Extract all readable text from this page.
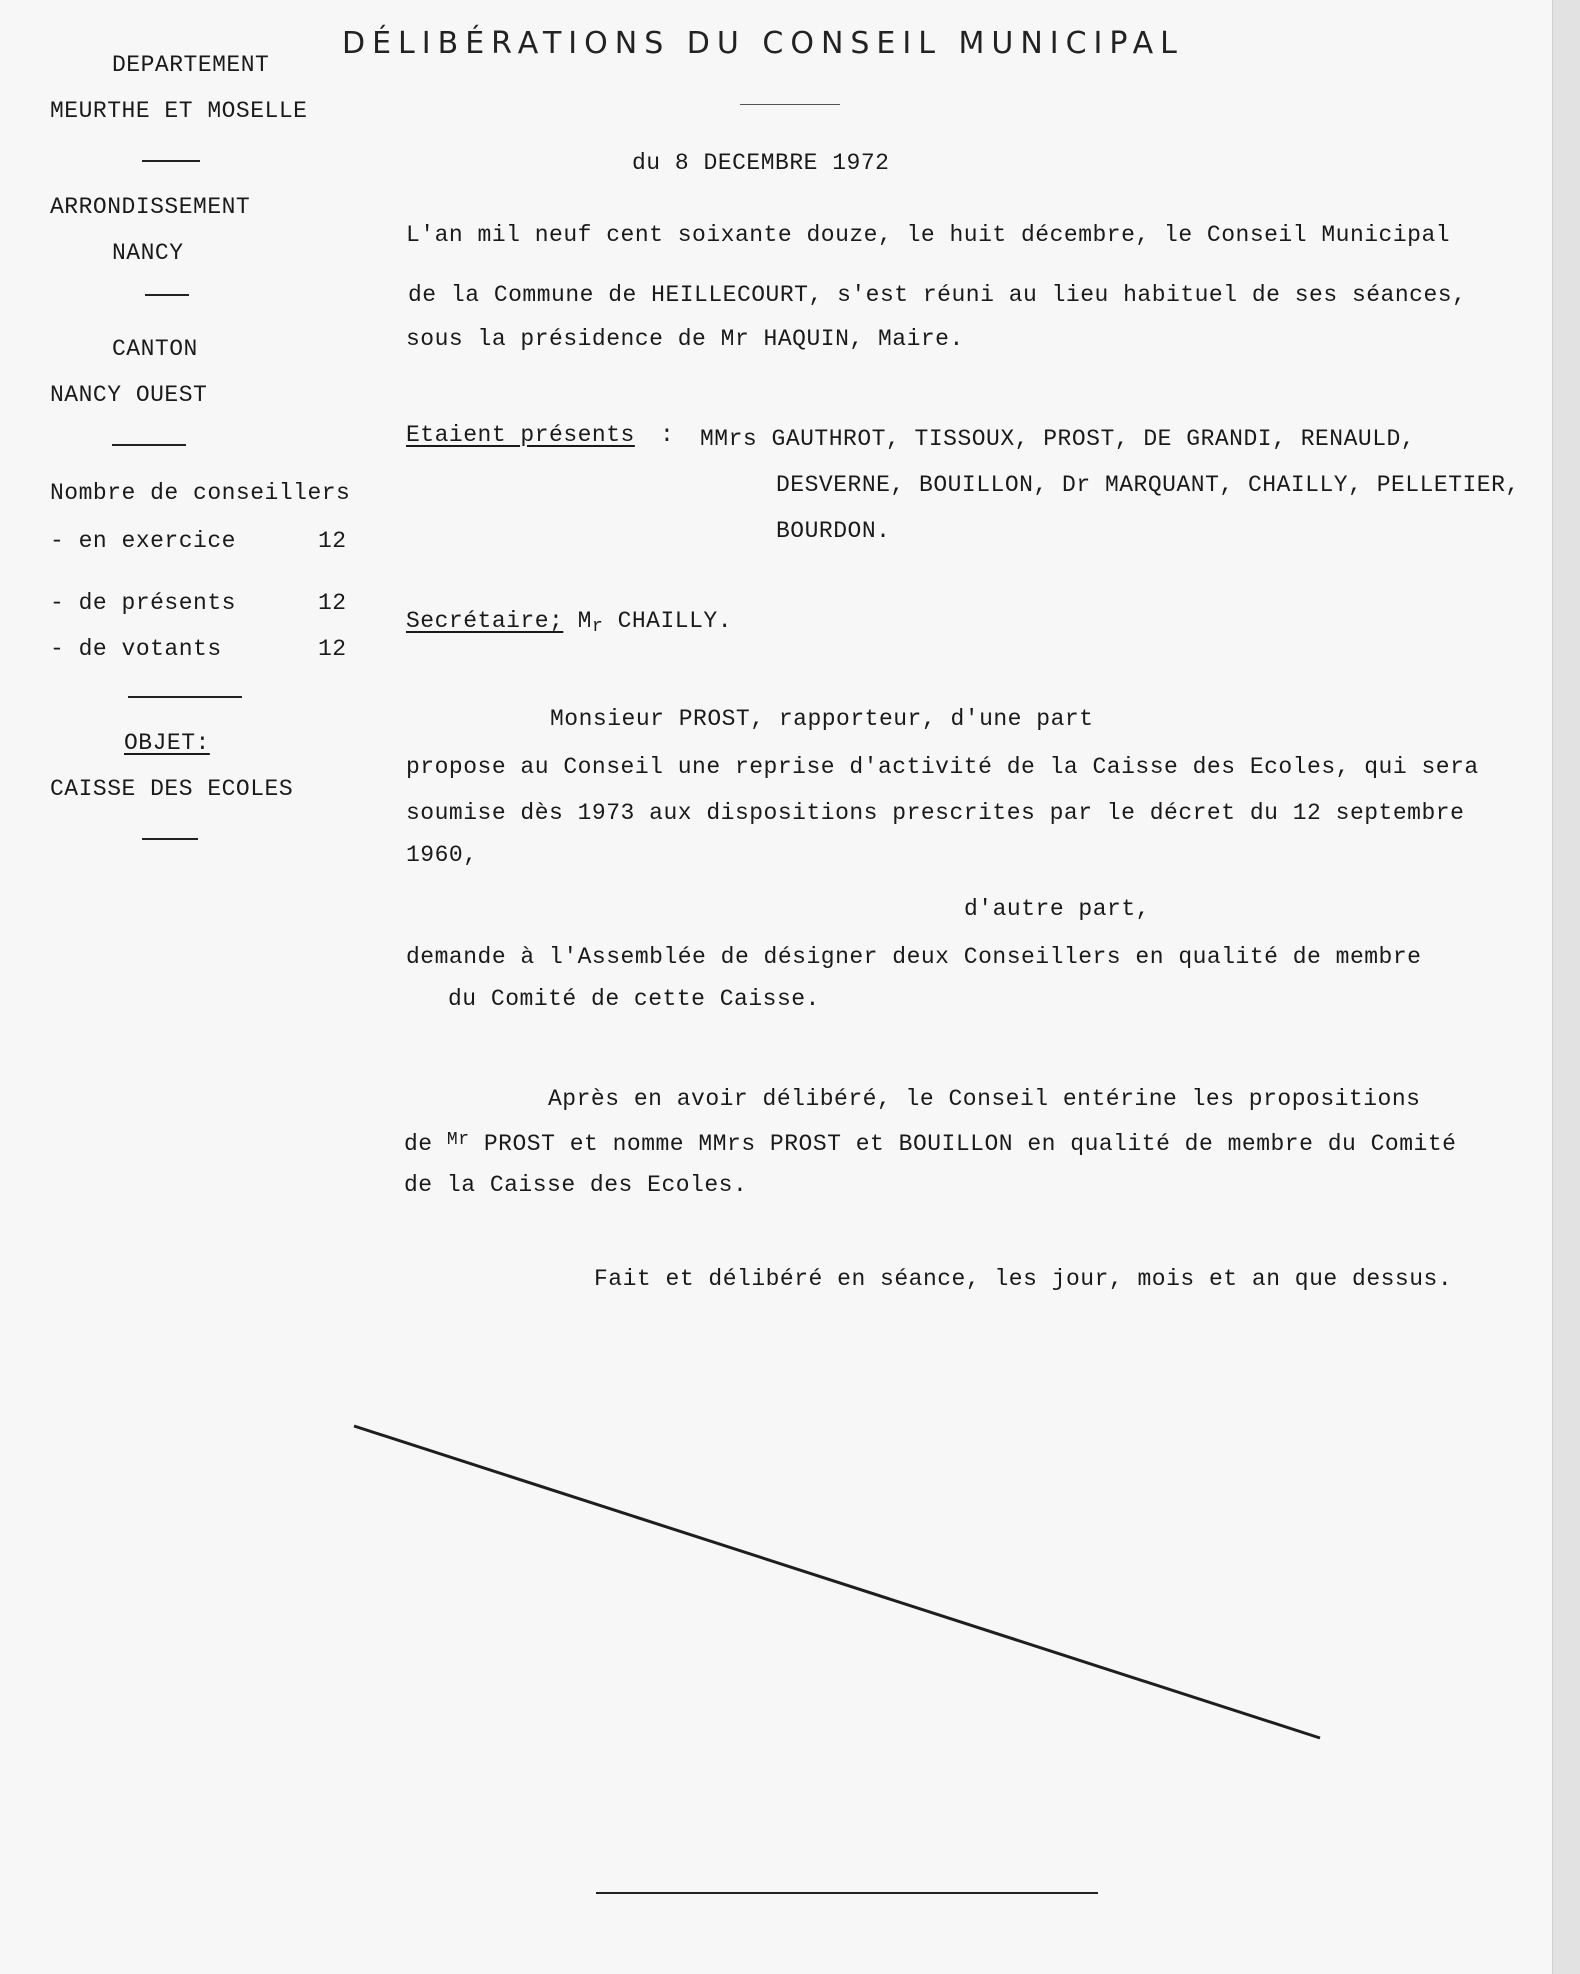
DÉLIBÉRATIONS DU CONSEIL MUNICIPAL
du 8 DECEMBRE 1972
DEPARTEMENT
MEURTHE ET MOSELLE
ARRONDISSEMENT
NANCY
CANTON
NANCY OUEST
Nombre de conseillers
- en exercice	12
- de présents	12
- de votants	12
OBJET:
CAISSE DES ECOLES
L'an mil neuf cent soixante douze, le huit décembre, le Conseil Municipal
de la Commune de HEILLECOURT, s'est réuni au lieu habituel de ses séances,
sous la présidence de Mr HAQUIN, Maire.
Etaient présents : MMrs GAUTHROT, TISSOUX, PROST, DE GRANDI, RENAULD,
DESVERNE, BOUILLON, Dr MARQUANT, CHAILLY, PELLETIER,
BOURDON.
Secrétaire; $M_r$ CHAILLY.
Monsieur PROST, rapporteur, d'une part
propose au Conseil une reprise d'activité de la Caisse des Ecoles, qui sera
soumise dès 1973 aux dispositions prescrites par le décret du 12 septembre
1960,
d'autre part,
demande à l'Assemblée de désigner deux Conseillers en qualité de membre
du Comité de cette Caisse.
Après en avoir délibéré, le Conseil entérine les propositions
de $^{Mr}$ PROST et nomme MMrs PROST et BOUILLON en qualité de membre du Comité
de la Caisse des Ecoles.
Fait et délibéré en séance, les jour, mois et an que dessus.
